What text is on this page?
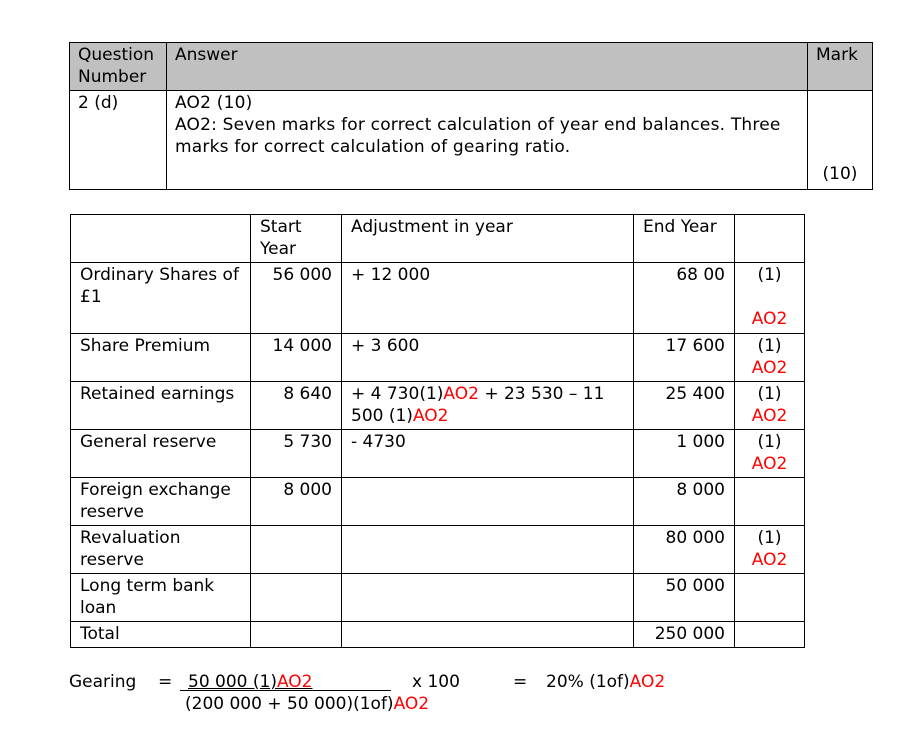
Question Number	Answer	Mark
2 (d)	AO2 (10)
AO2: Seven marks for correct calculation of year end balances. Three marks for correct calculation of gearing ratio.	(10)
	Start Year	Adjustment in year	End Year	
Ordinary Shares of £1	56 000	+ 12 000	68 00	(1)
AO2

Share Premium	14 000	+ 3 600	17 600	(1)
AO2

Retained earnings	8 640	+ 4 730(1)AO2 + 23 530 – 11 500 (1)AO2	25 400	(1)
AO2

General reserve	5 730	- 4730	1 000	(1)
AO2

Foreign exchange reserve	8 000		8 000	

Revaluation reserve			80 000	(1)
AO2

Long term bank loan			50 000	

Total			250 000	
Gearing = 50 000 (1)AO2
(200 000 + 50 000)(1of)AO2
x 100	= 20% (1of)AO2
